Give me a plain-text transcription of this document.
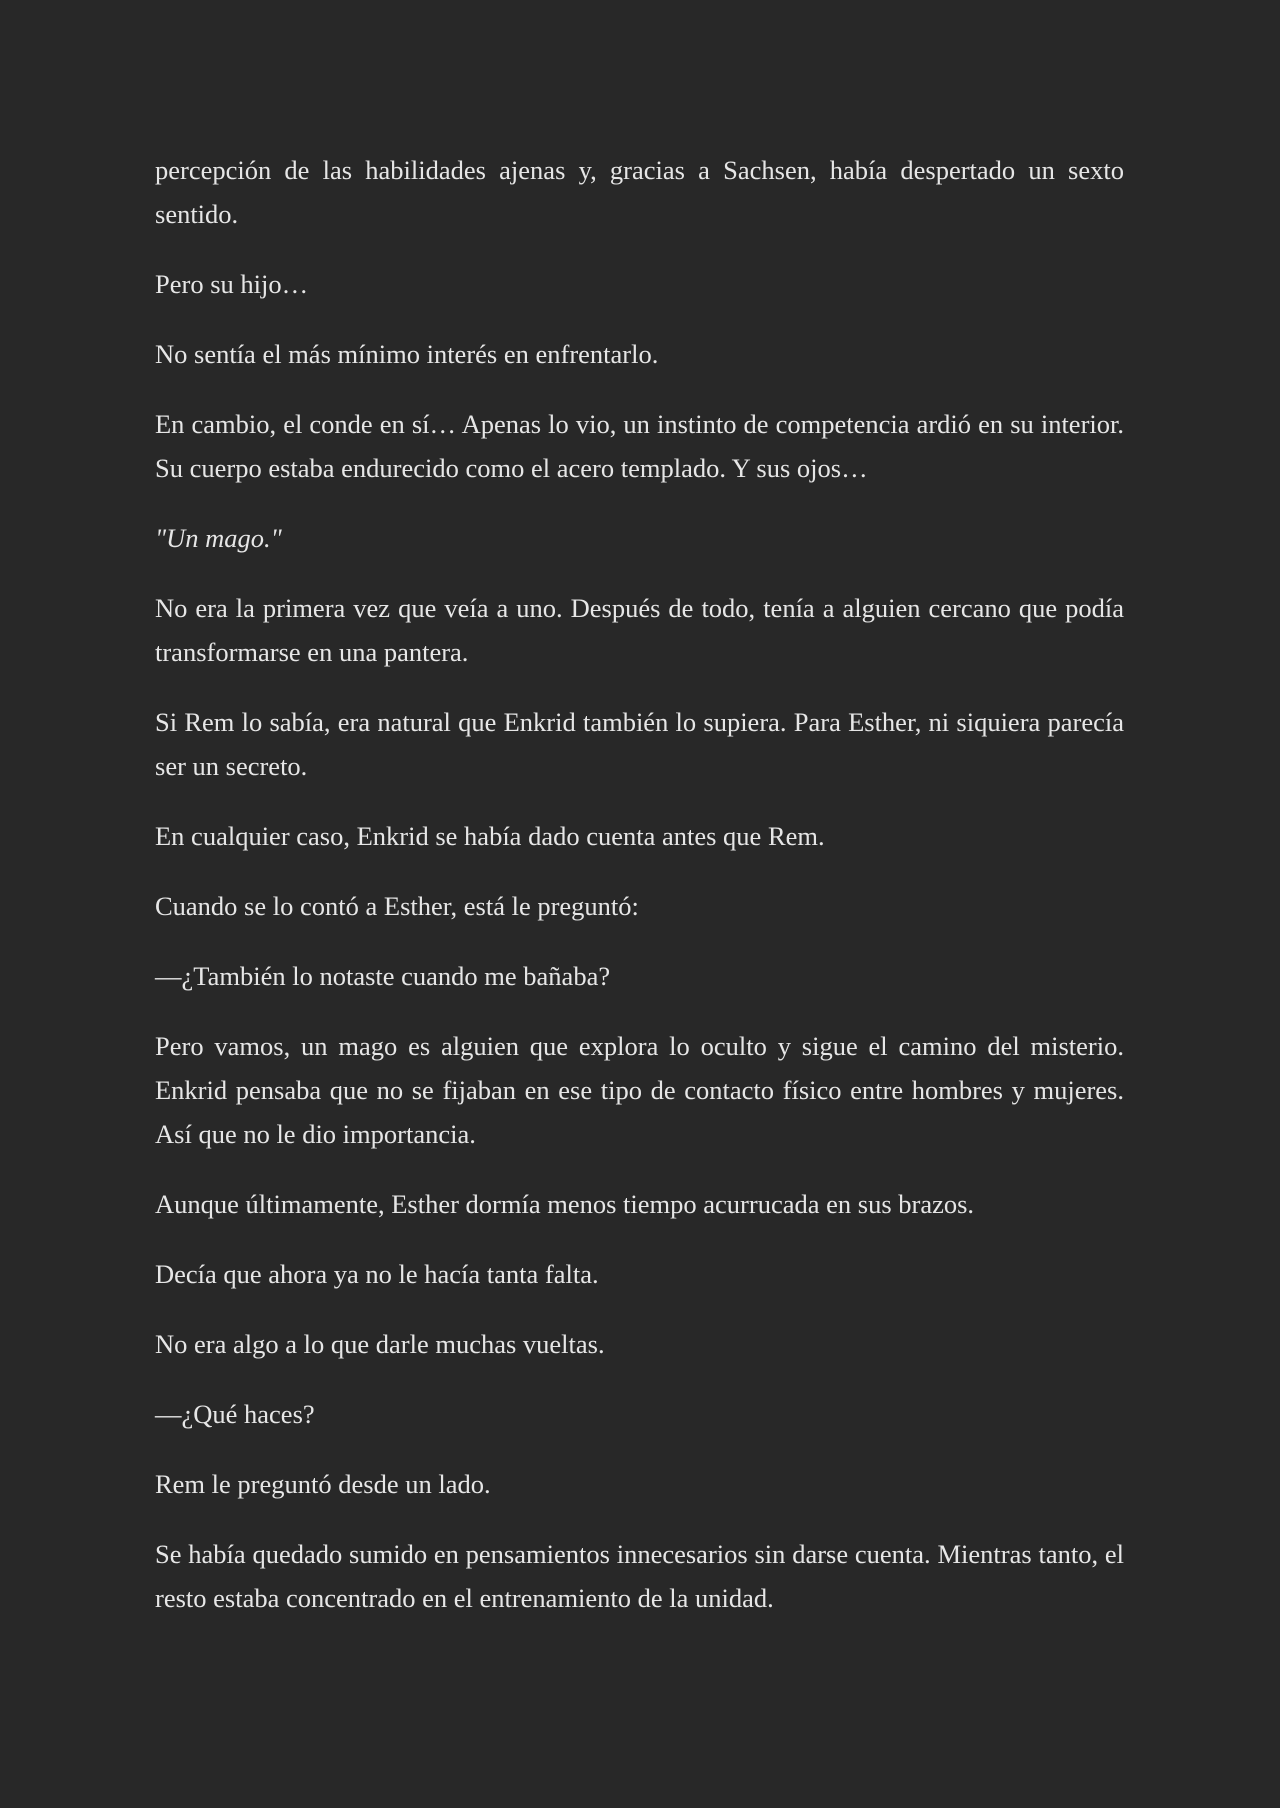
percepción de las habilidades ajenas y, gracias a Sachsen, había despertado un sexto sentido.

Pero su hijo…

No sentía el más mínimo interés en enfrentarlo.

En cambio, el conde en sí… Apenas lo vio, un instinto de competencia ardió en su interior. Su cuerpo estaba endurecido como el acero templado. Y sus ojos…

"Un mago."

No era la primera vez que veía a uno. Después de todo, tenía a alguien cercano que podía transformarse en una pantera.

Si Rem lo sabía, era natural que Enkrid también lo supiera. Para Esther, ni siquiera parecía ser un secreto.

En cualquier caso, Enkrid se había dado cuenta antes que Rem.

Cuando se lo contó a Esther, está le preguntó:

—¿También lo notaste cuando me bañaba?

Pero vamos, un mago es alguien que explora lo oculto y sigue el camino del misterio. Enkrid pensaba que no se fijaban en ese tipo de contacto físico entre hombres y mujeres. Así que no le dio importancia.

Aunque últimamente, Esther dormía menos tiempo acurrucada en sus brazos.

Decía que ahora ya no le hacía tanta falta.

No era algo a lo que darle muchas vueltas.

—¿Qué haces?

Rem le preguntó desde un lado.

Se había quedado sumido en pensamientos innecesarios sin darse cuenta. Mientras tanto, el resto estaba concentrado en el entrenamiento de la unidad.
